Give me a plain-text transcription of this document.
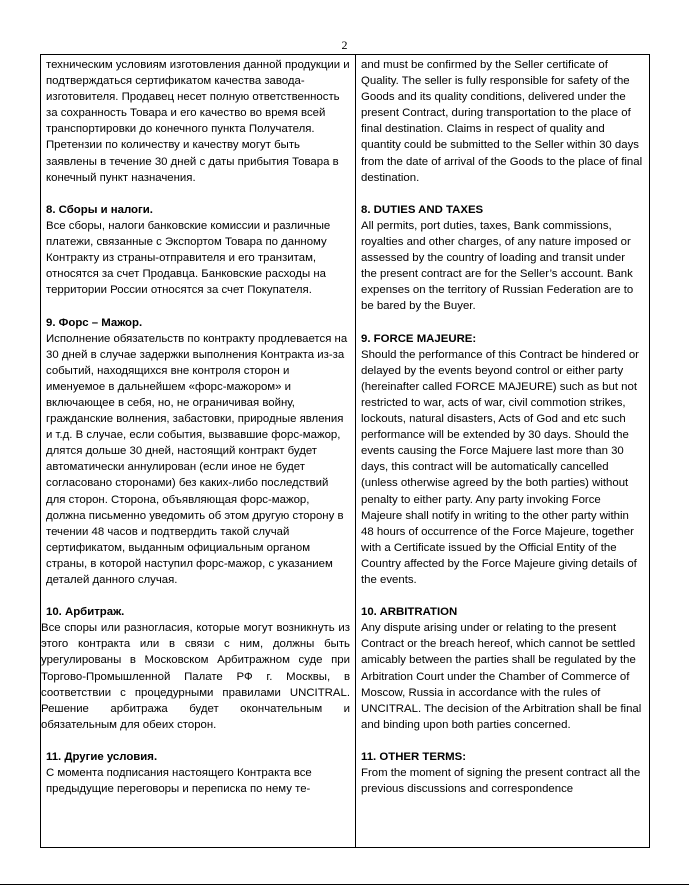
2
техническим условиям изготовления данной продукции и подтверждаться сертификатом качества завода-изготовителя. Продавец несет полную ответственность за сохранность Товара и его качество во время всей транспортировки до конечного пункта Получателя. Претензии по количеству и качеству могут быть заявлены в течение 30 дней с даты прибытия Товара в конечный пункт назначения.
8. Сборы и налоги.
Все сборы, налоги банковские комиссии и различные платежи, связанные с Экспортом Товара по данному Контракту из страны-отправителя и его транзитам, относятся за счет Продавца. Банковские расходы на территории России относятся за счет Покупателя.
9. Форс – Мажор.
Исполнение обязательств по контракту продлевается на 30 дней в случае задержки выполнения Контракта из-за событий, находящихся вне контроля сторон и именуемое в дальнейшем «форс-мажором» и включающее в себя, но, не ограничивая войну, гражданские волнения, забастовки, природные явления и т.д. В случае, если события, вызвавшие форс-мажор, длятся дольше 30 дней, настоящий контракт будет автоматически аннулирован (если иное не будет согласовано сторонами) без каких-либо последствий для сторон. Сторона, объявляющая форс-мажор, должна письменно уведомить об этом другую сторону в течении 48 часов и подтвердить такой случай сертификатом, выданным официальным органом страны, в которой наступил форс-мажор, с указанием деталей данного случая.
10. Арбитраж.
Все споры или разногласия, которые могут возникнуть из этого контракта или в связи с ним, должны быть урегулированы в Московском Арбитражном суде при Торгово-Промышленной Палате РФ г. Москвы, в соответствии с процедурными правилами UNCITRAL. Решение арбитража будет окончательным и обязательным для обеих сторон.
11. Другие условия.
С момента подписания настоящего Контракта все предыдущие переговоры и переписка по нему те-
and must be confirmed by the Seller certificate of Quality. The seller is fully responsible for safety of the Goods and its quality conditions, delivered under the present Contract, during transportation to the place of final destination. Claims in respect of quality and quantity could be submitted to the Seller within 30 days from the date of arrival of the Goods to the place of final destination.
8. DUTIES AND TAXES
All permits, port duties, taxes, Bank commissions, royalties and other charges, of any nature imposed or assessed by the country of loading and transit under the present contract are for the Seller’s account. Bank expenses on the territory of Russian Federation are to be bared by the Buyer.
9. FORCE MAJEURE:
Should the performance of this Contract be hindered or delayed by the events beyond control or either party (hereinafter called FORCE MAJEURE) such as but not restricted to war, acts of war, civil commotion strikes, lockouts, natural disasters, Acts of God and etc such performance will be extended by 30 days. Should the events causing the Force Majuere last more than 30 days, this contract will be automatically cancelled (unless otherwise agreed by the both parties) without penalty to either party. Any party invoking Force Majeure shall notify in writing to the other party within 48 hours of occurrence of the Force Majeure, together with a Certificate issued by the Official Entity of the Country affected by the Force Majeure giving details of the events.
10. ARBITRATION
Any dispute arising under or relating to the present Contract or the breach hereof, which cannot be settled amicably between the parties shall be regulated by the Arbitration Court under the Chamber of Commerce of Moscow, Russia in accordance with the rules of UNCITRAL. The decision of the Arbitration shall be final and binding upon both parties concerned.
11. OTHER TERMS:
From the moment of signing the present contract all the previous discussions and correspondence
